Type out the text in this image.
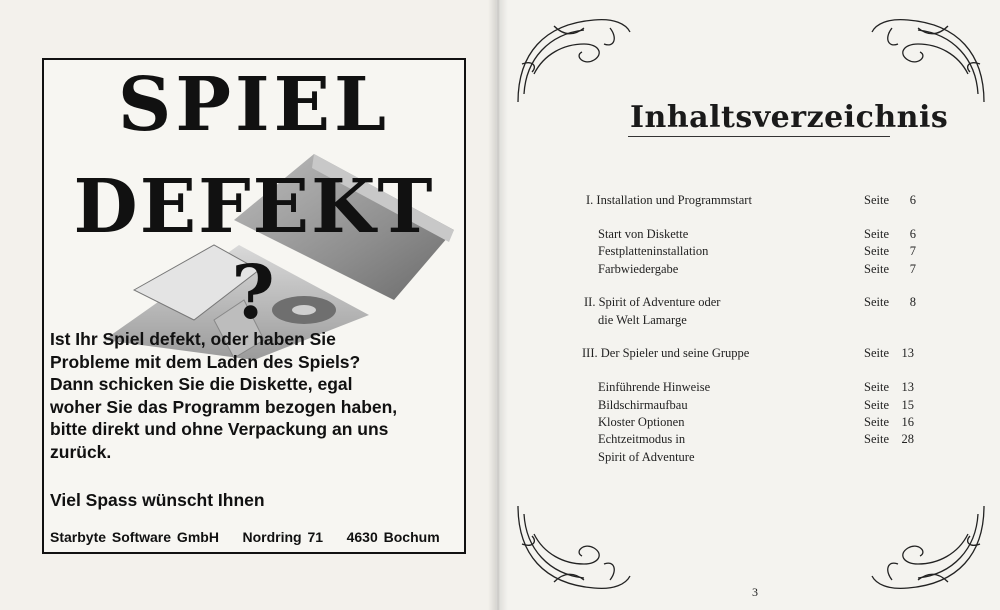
SPIEL
DEFEKT ?

Ist Ihr Spiel defekt, oder haben Sie

Probleme mit dem Laden des Spiels?

Dann schicken Sie die Diskette, egal

woher Sie das Programm bezogen haben,

bitte direkt und ohne Verpackung an uns

zurück.

Viel Spass wünscht Ihnen
Starbyte Software GmbH    Nordring 71    4630 Bochum
Inhaltsverzeichnis
I. Installation und Programmstart	Seite	6
Start von Diskette	Seite	6
Festplatteninstallation	Seite	7
Farbwiedergabe	Seite	7
II. Spirit of Adventure oder	Seite	8
die Welt Lamarge
III. Der Spieler und seine Gruppe	Seite	13
Einführende Hinweise	Seite	13
Bildschirmaufbau	Seite	15
Kloster Optionen	Seite	16
Echtzeitmodus in	Seite	28
Spirit of Adventure
3
